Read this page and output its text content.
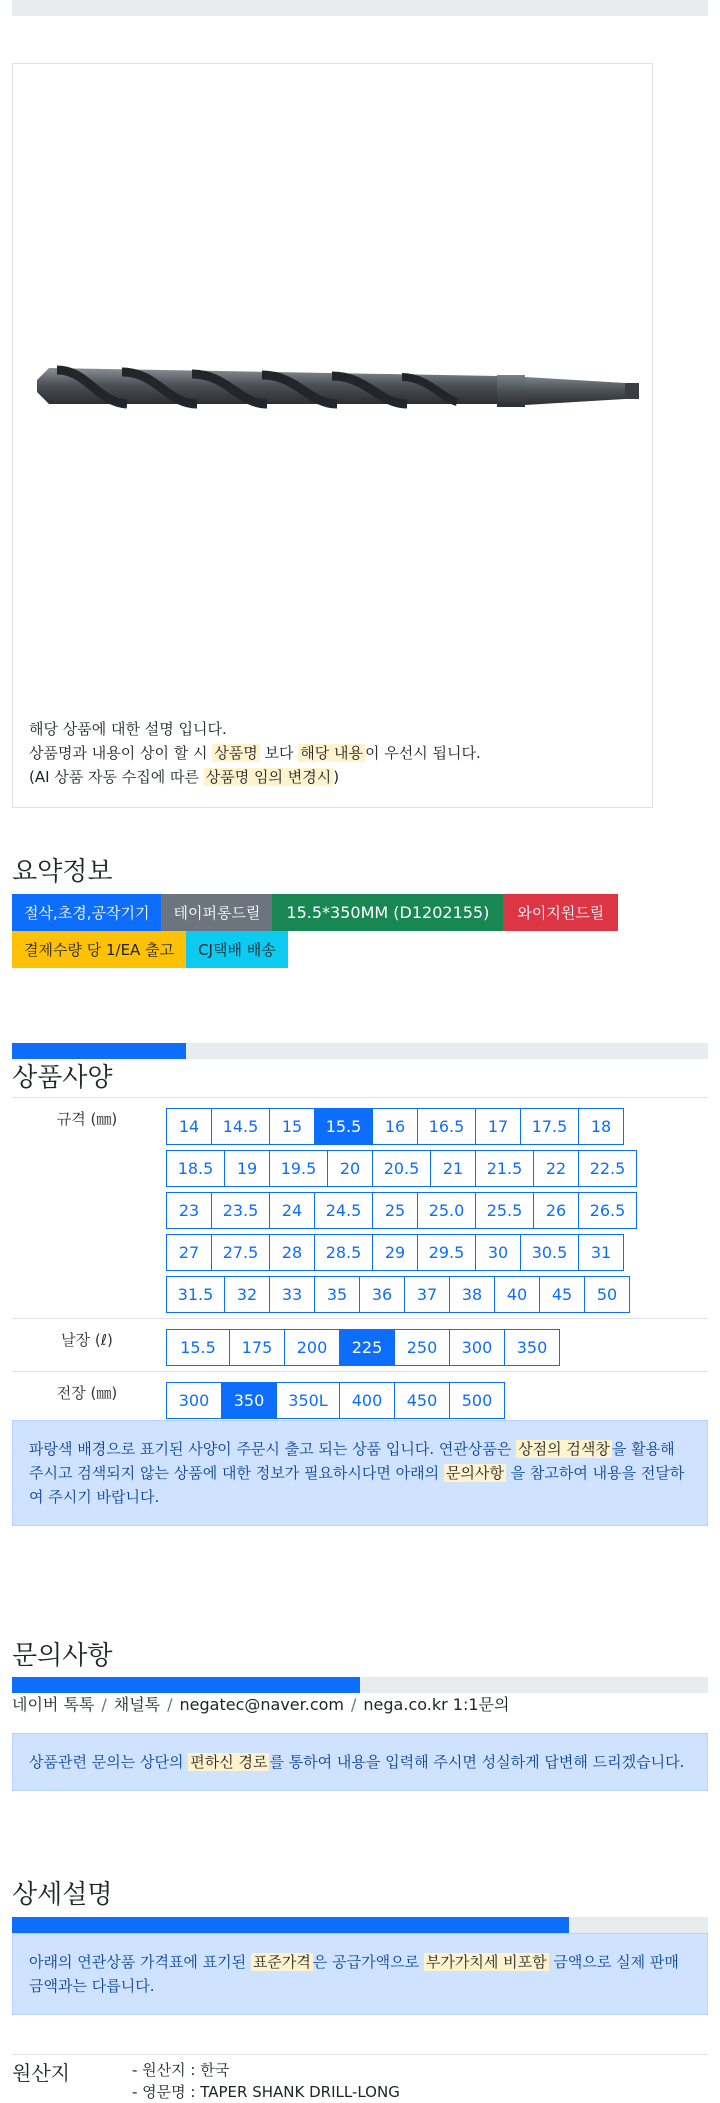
해당 상품에 대한 설명 입니다.
상품명과 내용이 상이 할 시 상품명 보다 해당 내용 이 우선시 됩니다.
(AI 상품 자동 수집에 따른 상품명 임의 변경시 )
요약정보
절삭,초경,공작기기	테이퍼롱드릴	15.5*350MM (D1202155)	와이지원드릴
결제수량 당 1/EA 출고	CJ택배 배송
상품사양
규격 (㎜)	14	14.5	15	15.5	16	16.5	17	17.5	18
18.5	19	19.5	20	20.5	21	21.5	22	22.5
23	23.5	24	24.5	25	25.0	25.5	26	26.5
27	27.5	28	28.5	29	29.5	30	30.5	31
31.5	32	33	35	36	37	38	40	45	50
날장 (ℓ)	15.5	175	200	225	250	300	350
전장 (㎜)	300	350	350L	400	450	500
파랑색 배경으로 표기된 사양이 주문시 출고 되는 상품 입니다. 연관상품은 상점의 검색창 을 활용해 주시고 검색되지 않는 상품에 대한 정보가 필요하시다면 아래의 문의사항 을 참고하여 내용을 전달하여 주시기 바랍니다.
문의사항
네이버 톡톡 / 채널톡 / negatec@naver.com / nega.co.kr 1:1문의
상품관련 문의는 상단의 편하신 경로 를 통하여 내용을 입력해 주시면 성실하게 답변해 드리겠습니다.
상세설명
아래의 연관상품 가격표에 표기된 표준가격 은 공급가액으로 부가가치세 비포함 금액으로 실제 판매금액과는 다릅니다.
원산지	- 원산지 : 한국
- 영문명 : TAPER SHANK DRILL-LONG
